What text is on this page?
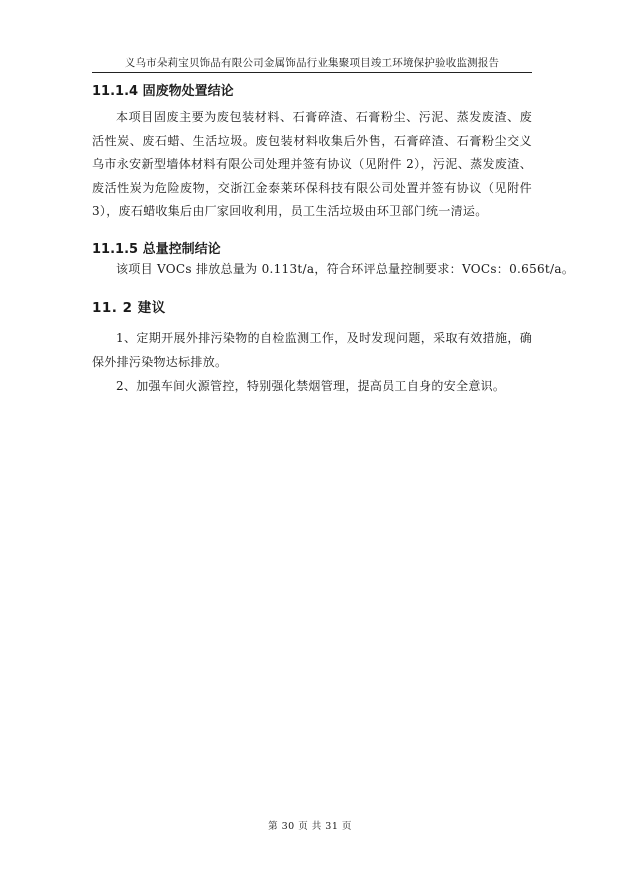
义乌市朵莉宝贝饰品有限公司金属饰品行业集聚项目竣工环境保护验收监测报告
11.1.4 固废物处置结论
本项目固废主要为废包装材料、石膏碎渣、石膏粉尘、污泥、蒸发废渣、废活性炭、废石蜡、生活垃圾。废包装材料收集后外售，石膏碎渣、石膏粉尘交义乌市永安新型墙体材料有限公司处理并签有协议（见附件 2），污泥、蒸发废渣、废活性炭为危险废物，交浙江金泰莱环保科技有限公司处置并签有协议（见附件 3），废石蜡收集后由厂家回收利用，员工生活垃圾由环卫部门统一清运。
11.1.5 总量控制结论
该项目 VOCs 排放总量为 0.113t/a，符合环评总量控制要求：VOCs：0.656t/a。
11. 2 建议
1、定期开展外排污染物的自检监测工作，及时发现问题，采取有效措施，确保外排污染物达标排放。
2、加强车间火源管控，特别强化禁烟管理，提高员工自身的安全意识。
第 30 页 共 31 页
